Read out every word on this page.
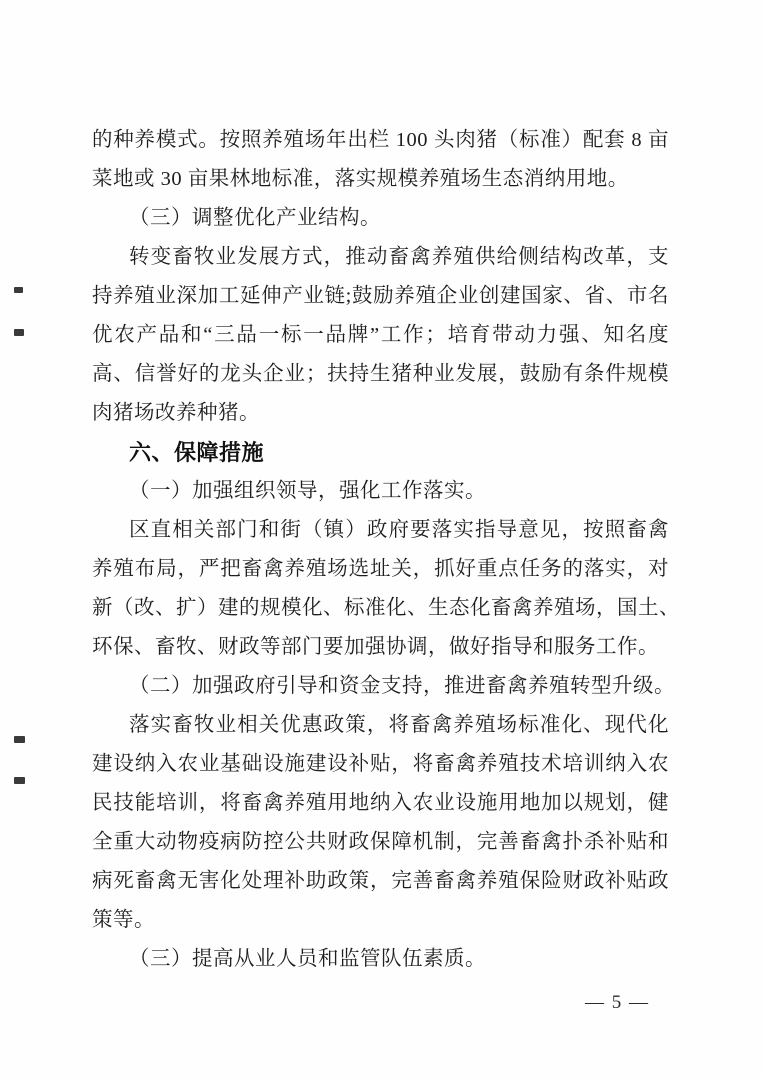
的种养模式。按照养殖场年出栏 100 头肉猪（标准）配套 8 亩
菜地或 30 亩果林地标准，落实规模养殖场生态消纳用地。
（三）调整优化产业结构。
转变畜牧业发展方式，推动畜禽养殖供给侧结构改革，支
持养殖业深加工延伸产业链;鼓励养殖企业创建国家、省、市名
优农产品和“三品一标一品牌”工作；培育带动力强、知名度
高、信誉好的龙头企业；扶持生猪种业发展，鼓励有条件规模
肉猪场改养种猪。
六、保障措施
（一）加强组织领导，强化工作落实。
区直相关部门和街（镇）政府要落实指导意见，按照畜禽
养殖布局，严把畜禽养殖场选址关，抓好重点任务的落实，对
新（改、扩）建的规模化、标准化、生态化畜禽养殖场，国土、
环保、畜牧、财政等部门要加强协调，做好指导和服务工作。
（二）加强政府引导和资金支持，推进畜禽养殖转型升级。
落实畜牧业相关优惠政策，将畜禽养殖场标准化、现代化
建设纳入农业基础设施建设补贴，将畜禽养殖技术培训纳入农
民技能培训，将畜禽养殖用地纳入农业设施用地加以规划，健
全重大动物疫病防控公共财政保障机制，完善畜禽扑杀补贴和
病死畜禽无害化处理补助政策，完善畜禽养殖保险财政补贴政
策等。
（三）提高从业人员和监管队伍素质。
— 5 —
